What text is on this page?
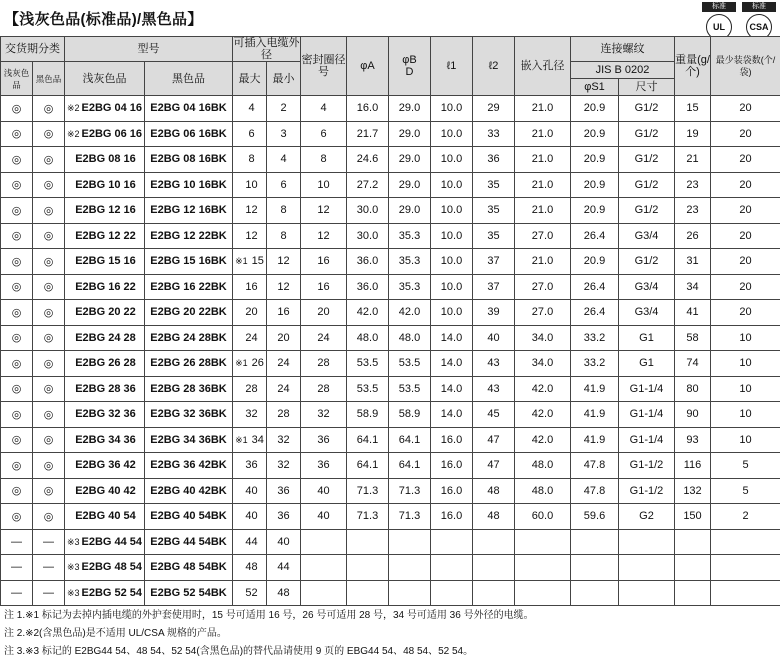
【浅灰色品(标准品)/黑色品】
标准
UL
标准
CSA
交货期分类		型号		可插入电缆外径		密封圈径号	φA	φB
D	ℓ1	ℓ2	嵌入孔径	连接螺纹		重量(g/个)	最少装袋数(个/袋)
浅灰色品	黑色品	浅灰色品	黑色品	最大	最小							JIS B 0202			
												φS1	尺寸		
◎	◎	※2 E2BG 04 16	E2BG 04 16BK	4	2	4	16.0	29.0	10.0	29	21.0	20.9	G1/2	15	20
◎	◎	※2 E2BG 06 16	E2BG 06 16BK	6	3	6	21.7	29.0	10.0	33	21.0	20.9	G1/2	19	20
◎	◎	E2BG 08 16	E2BG 08 16BK	8	4	8	24.6	29.0	10.0	36	21.0	20.9	G1/2	21	20
◎	◎	E2BG 10 16	E2BG 10 16BK	10	6	10	27.2	29.0	10.0	35	21.0	20.9	G1/2	23	20
◎	◎	E2BG 12 16	E2BG 12 16BK	12	8	12	30.0	29.0	10.0	35	21.0	20.9	G1/2	23	20
◎	◎	E2BG 12 22	E2BG 12 22BK	12	8	12	30.0	35.3	10.0	35	27.0	26.4	G3/4	26	20
◎	◎	E2BG 15 16	E2BG 15 16BK	※1 15	12	16	36.0	35.3	10.0	37	21.0	20.9	G1/2	31	20
◎	◎	E2BG 16 22	E2BG 16 22BK	16	12	16	36.0	35.3	10.0	37	27.0	26.4	G3/4	34	20
◎	◎	E2BG 20 22	E2BG 20 22BK	20	16	20	42.0	42.0	10.0	39	27.0	26.4	G3/4	41	20
◎	◎	E2BG 24 28	E2BG 24 28BK	24	20	24	48.0	48.0	14.0	40	34.0	33.2	G1	58	10
◎	◎	E2BG 26 28	E2BG 26 28BK	※1 26	24	28	53.5	53.5	14.0	43	34.0	33.2	G1	74	10
◎	◎	E2BG 28 36	E2BG 28 36BK	28	24	28	53.5	53.5	14.0	43	42.0	41.9	G1-1/4	80	10
◎	◎	E2BG 32 36	E2BG 32 36BK	32	28	32	58.9	58.9	14.0	45	42.0	41.9	G1-1/4	90	10
◎	◎	E2BG 34 36	E2BG 34 36BK	※1 34	32	36	64.1	64.1	16.0	47	42.0	41.9	G1-1/4	93	10
◎	◎	E2BG 36 42	E2BG 36 42BK	36	32	36	64.1	64.1	16.0	47	48.0	47.8	G1-1/2	116	5
◎	◎	E2BG 40 42	E2BG 40 42BK	40	36	40	71.3	71.3	16.0	48	48.0	47.8	G1-1/2	132	5
◎	◎	E2BG 40 54	E2BG 40 54BK	40	36	40	71.3	71.3	16.0	48	60.0	59.6	G2	150	2
—	—	※3 E2BG 44 54	E2BG 44 54BK	44	40										
—	—	※3 E2BG 48 54	E2BG 48 54BK	48	44										
—	—	※3 E2BG 52 54	E2BG 52 54BK	52	48										
注 1.※1 标记为去掉内插电缆的外护套使用时，15 号可适用 16 号，26 号可适用 28 号，34 号可适用 36 号外径的电缆。
注 2.※2(含黑色品)是不适用 UL/CSA 规格的产品。
注 3.※3 标记的 E2BG44 54、48 54、52 54(含黑色品)的替代品请使用 9 页的 EBG44 54、48 54、52 54。
